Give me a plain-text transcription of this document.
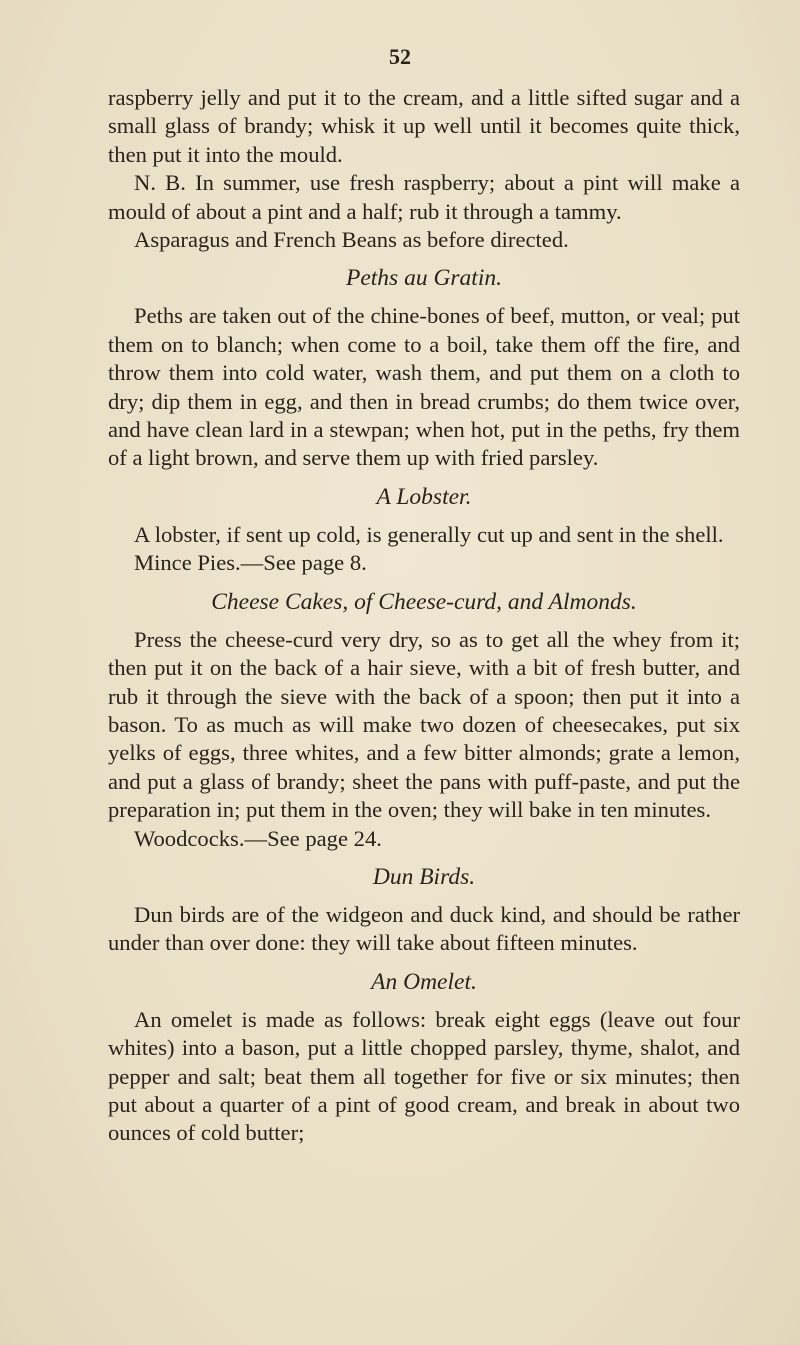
52

raspberry jelly and put it to the cream, and a little sifted sugar and a small glass of brandy; whisk it up well until it becomes quite thick, then put it into the mould.

N. B. In summer, use fresh raspberry; about a pint will make a mould of about a pint and a half; rub it through a tammy.

Asparagus and French Beans as before directed.

Peths au Gratin.

Peths are taken out of the chine-bones of beef, mutton, or veal; put them on to blanch; when come to a boil, take them off the fire, and throw them into cold water, wash them, and put them on a cloth to dry; dip them in egg, and then in bread crumbs; do them twice over, and have clean lard in a stewpan; when hot, put in the peths, fry them of a light brown, and serve them up with fried parsley.

A Lobster.

A lobster, if sent up cold, is generally cut up and sent in the shell.

Mince Pies.—See page 8.

Cheese Cakes, of Cheese-curd, and Almonds.

Press the cheese-curd very dry, so as to get all the whey from it; then put it on the back of a hair sieve, with a bit of fresh butter, and rub it through the sieve with the back of a spoon; then put it into a bason. To as much as will make two dozen of cheesecakes, put six yelks of eggs, three whites, and a few bitter almonds; grate a lemon, and put a glass of brandy; sheet the pans with puff-paste, and put the preparation in; put them in the oven; they will bake in ten minutes.

Woodcocks.—See page 24.

Dun Birds.

Dun birds are of the widgeon and duck kind, and should be rather under than over done: they will take about fifteen minutes.

An Omelet.

An omelet is made as follows: break eight eggs (leave out four whites) into a bason, put a little chopped parsley, thyme, shalot, and pepper and salt; beat them all together for five or six minutes; then put about a quarter of a pint of good cream, and break in about two ounces of cold butter;
